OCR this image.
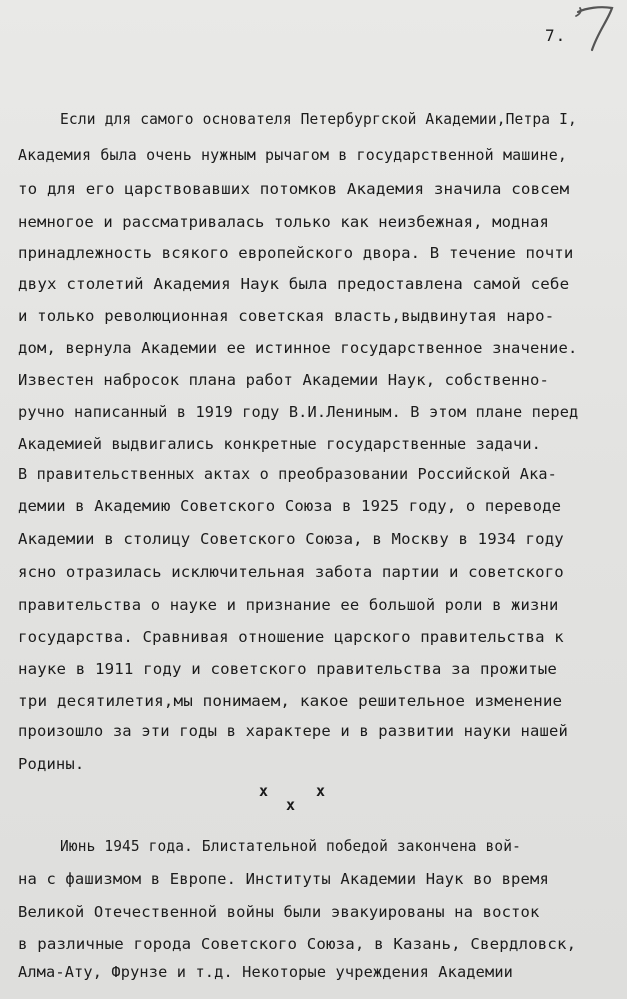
7.
Если для самого основателя Петербургской Академии,Петра I,
Академия была очень нужным рычагом в государственной машине,
то для его царствовавших потомков Академия значила совсем
немногое и рассматривалась только как неизбежная, модная
принадлежность всякого европейского двора. В течение почти
двух столетий Академия Наук была предоставлена самой себе
и только революционная советская власть,выдвинутая наро-
дом, вернула Академии ее истинное государственное значение.
Известен набросок плана работ Академии Наук, собственно-
ручно написанный в 1919 году В.И.Лениным. В этом плане перед
Академией выдвигались конкретные государственные задачи.
В правительственных актах о преобразовании Российской Ака-
демии в Академию Советского Союза в 1925 году, о переводе
Академии в столицу Советского Союза, в Москву в 1934 году
ясно отразилась исключительная забота партии и советского
правительства о науке и признание ее большой роли в жизни
государства. Сравнивая отношение царского правительства к
науке в 1911 году и советского правительства за прожитые
три десятилетия,мы понимаем, какое решительное изменение
произошло за эти годы в характере и в развитии науки нашей
Родины.
x	x
x
Июнь 1945 года. Блистательной победой закончена вой-
на с фашизмом в Европе. Институты Академии Наук во время
Великой Отечественной войны были эвакуированы на восток
в различные города Советского Союза, в Казань, Свердловск,
Алма-Ату, Фрунзе и т.д. Некоторые учреждения Академии
